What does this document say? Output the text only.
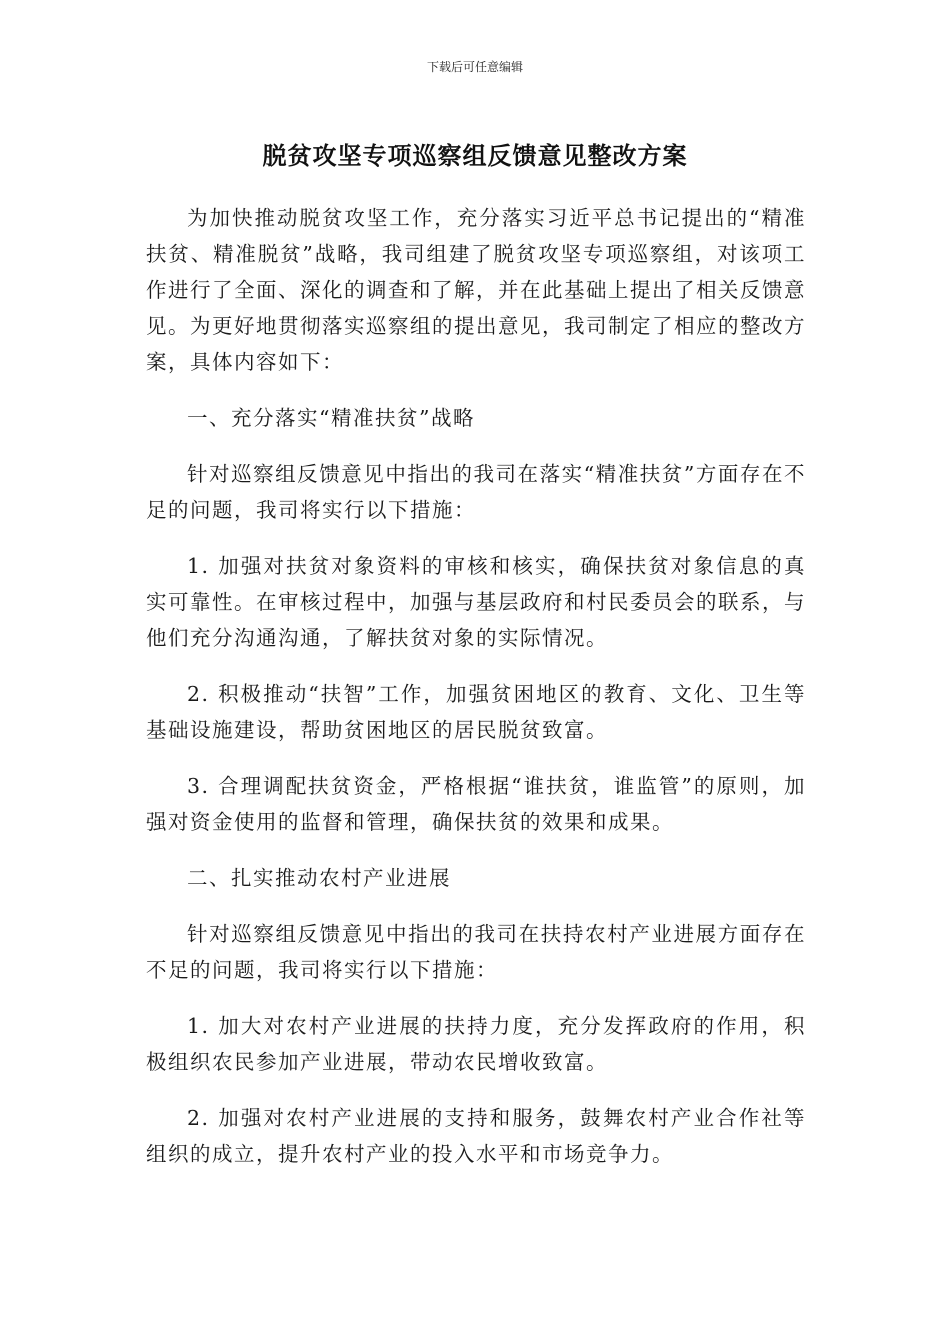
下载后可任意编辑
脱贫攻坚专项巡察组反馈意见整改方案

为加快推动脱贫攻坚工作，充分落实习近平总书记提出的“精准扶贫、精准脱贫”战略，我司组建了脱贫攻坚专项巡察组，对该项工作进行了全面、深化的调查和了解，并在此基础上提出了相关反馈意见。为更好地贯彻落实巡察组的提出意见，我司制定了相应的整改方案，具体内容如下：

一、充分落实“精准扶贫”战略

针对巡察组反馈意见中指出的我司在落实“精准扶贫”方面存在不足的问题，我司将实行以下措施：

1. 加强对扶贫对象资料的审核和核实，确保扶贫对象信息的真实可靠性。在审核过程中，加强与基层政府和村民委员会的联系，与他们充分沟通沟通，了解扶贫对象的实际情况。

2. 积极推动“扶智”工作，加强贫困地区的教育、文化、卫生等基础设施建设，帮助贫困地区的居民脱贫致富。

3. 合理调配扶贫资金，严格根据“谁扶贫，谁监管”的原则，加强对资金使用的监督和管理，确保扶贫的效果和成果。

二、扎实推动农村产业进展

针对巡察组反馈意见中指出的我司在扶持农村产业进展方面存在不足的问题，我司将实行以下措施：

1. 加大对农村产业进展的扶持力度，充分发挥政府的作用，积极组织农民参加产业进展，带动农民增收致富。

2. 加强对农村产业进展的支持和服务，鼓舞农村产业合作社等组织的成立，提升农村产业的投入水平和市场竞争力。
